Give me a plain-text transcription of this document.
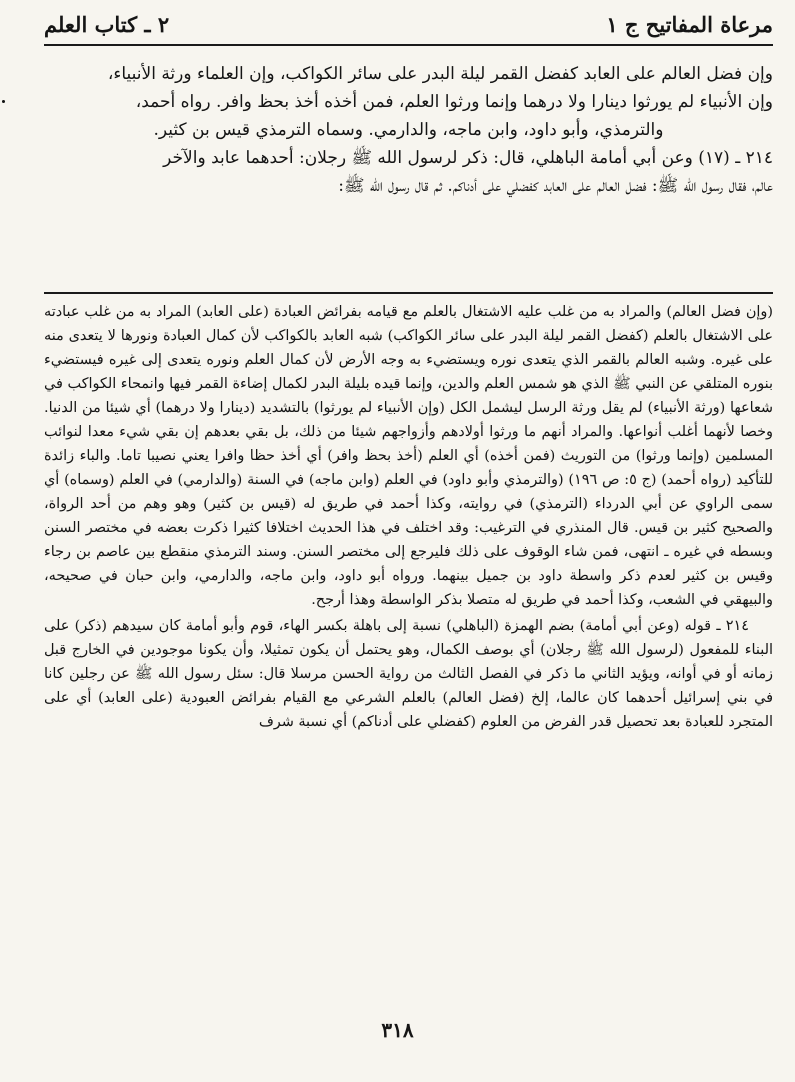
مرعاة المفاتيح ج ١
٢ ـ كتاب العلم

وإن فضل العالم على العابد كفضل القمر ليلة البدر على سائر الكواكب، وإن العلماء ورثة الأنبياء،

وإن الأنبياء لم يورثوا دينارا ولا درهما وإنما ورثوا العلم، فمن أخذه أخذ بحظ وافر. رواه أحمد،

والترمذي، وأبو داود، وابن ماجه، والدارمي. وسماه الترمذي قيس بن كثير.

٢١٤ ـ (١٧) وعن أبي أمامة الباهلي، قال: ذكر لرسول الله ﷺ رجلان: أحدهما عابد والآخر

عالم، فقال رسول الله ﷺ: فضل العالم على العابد كفضلي على أدناكم. ثم قال رسول الله ﷺ:

(وإن فضل العالم) والمراد به من غلب عليه الاشتغال بالعلم مع قيامه بفرائض العبادة (على العابد) المراد به من غلب عبادته على الاشتغال بالعلم (كفضل القمر ليلة البدر على سائر الكواكب) شبه العابد بالكواكب لأن كمال العبادة ونورها لا يتعدى منه على غيره. وشبه العالم بالقمر الذي يتعدى نوره ويستضيء به وجه الأرض لأن كمال العلم ونوره يتعدى إلى غيره فيستضيء بنوره المتلقي عن النبي ﷺ الذي هو شمس العلم والدين، وإنما قيده بليلة البدر لكمال إضاءة القمر فيها وانمحاء الكواكب في شعاعها (ورثة الأنبياء) لم يقل ورثة الرسل ليشمل الكل (وإن الأنبياء لم يورثوا) بالتشديد (دينارا ولا درهما) أي شيئا من الدنيا. وخصا لأنهما أغلب أنواعها. والمراد أنهم ما ورثوا أولادهم وأزواجهم شيئا من ذلك، بل بقي بعدهم إن بقي شيء معدا لنوائب المسلمين (وإنما ورثوا) من التوريث (فمن أخذه) أي العلم (أخذ بحظ وافر) أي أخذ حظا وافرا يعني نصيبا تاما. والباء زائدة للتأكيد (رواه أحمد) (ج ٥: ص ١٩٦) (والترمذي وأبو داود) في العلم (وابن ماجه) في السنة (والدارمي) في العلم (وسماه) أي سمى الراوي عن أبي الدرداء (الترمذي) في روايته، وكذا أحمد في طريق له (قيس بن كثير) وهو وهم من أحد الرواة، والصحيح كثير بن قيس. قال المنذري في الترغيب: وقد اختلف في هذا الحديث اختلافا كثيرا ذكرت بعضه في مختصر السنن وبسطه في غيره ـ انتهى، فمن شاء الوقوف على ذلك فليرجع إلى مختصر السنن. وسند الترمذي منقطع بين عاصم بن رجاء وقيس بن كثير لعدم ذكر واسطة داود بن جميل بينهما. ورواه أبو داود، وابن ماجه، والدارمي، وابن حبان في صحيحه، والبيهقي في الشعب، وكذا أحمد في طريق له متصلا بذكر الواسطة وهذا أرجح.

٢١٤ ـ قوله (وعن أبي أمامة) بضم الهمزة (الباهلي) نسبة إلى باهلة بكسر الهاء، قوم وأبو أمامة كان سيدهم (ذكر) على البناء للمفعول (لرسول الله ﷺ رجلان) أي بوصف الكمال، وهو يحتمل أن يكون تمثيلا، وأن يكونا موجودين في الخارج قبل زمانه أو في أوانه، ويؤيد الثاني ما ذكر في الفصل الثالث من رواية الحسن مرسلا قال: سئل رسول الله ﷺ عن رجلين كانا في بني إسرائيل أحدهما كان عالما، إلخ (فضل العالم) بالعلم الشرعي مع القيام بفرائض العبودية (على العابد) أي على المتجرد للعبادة بعد تحصيل قدر الفرض من العلوم (كفضلي على أدناكم) أي نسبة شرف

٣١٨
